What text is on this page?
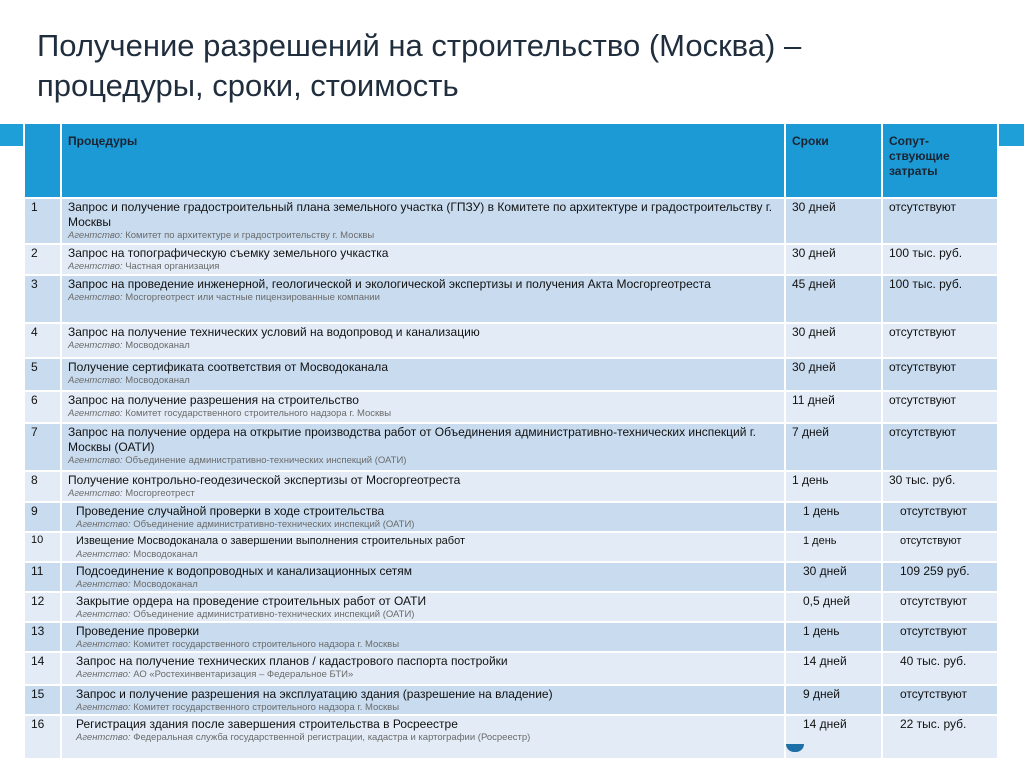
Получение разрешений на строительство (Москва) –
процедуры, сроки, стоимость
	Процедуры	Сроки	Сопут-
ствующие
затраты
1	Запрос и получение градостроительный плана земельного участка (ГПЗУ) в Комитете по архитектуре и градостроительству г. Москвы
Агентство: Комитет по архитектуре и градостроительству г. Москвы	30 дней	отсутствуют
2	Запрос на топографическую съемку земельного учкастка
Агентство: Частная организация	30 дней	100 тыс. руб.
3	Запрос на проведение инженерной, геологической и экологической экспертизы и получения Акта Мосгоргеотреста
Агентство: Мосгоргеотрест или частные пицензированные компании	45 дней	100 тыс. руб.
4	Запрос на получение технических условий на водопровод и канализацию
Агентство: Мосводоканал	30 дней	отсутствуют
5	Получение сертификата соответствия от Мосводоканала
Агентство: Мосводоканал	30 дней	отсутствуют
6	Запрос на получение разрешения на строительство
Агентство: Комитет государственного строительного надзора г. Москвы	11 дней	отсутствуют
7	Запрос на получение ордера на открытие производства работ от Объединения административно-технических инспекций г. Москвы (ОАТИ)
Агентство: Объединение административно-технических инспекций (ОАТИ)	7 дней	отсутствуют
8	Получение контрольно-геодезической экспертизы от Мосгоргеотреста
Агентство: Мосгоргеотрест	1 день	30 тыс. руб.
9	Проведение случайной проверки в ходе строительства
Агентство: Объединение административно-технических инспекций (ОАТИ)	1 день	отсутствуют
10	Извещение Мосводоканала о завершении выполнения строительных работ
Агентство: Мосводоканал	1 день	отсутствуют
11	Подсоединение к водопроводных и канализационных сетям
Агентство: Мосводоканал	30 дней	109 259 руб.
12	Закрытие ордера на проведение строительных работ от ОАТИ
Агентство: Объединение административно-технических инспекций (ОАТИ)	0,5 дней	отсутствуют
13	Проведение проверки
Агентство: Комитет государственного строительного надзора г. Москвы	1 день	отсутствуют
14	Запрос на получение технических планов / кадастрового паспорта постройки
Агентство: АО «Ростехинвентаризация – Федеральное БТИ»	14 дней	40 тыс. руб.
15	Запрос и получение разрешения на эксплуатацию здания (разрешение на владение)
Агентство: Комитет государственного строительного надзора г. Москвы	9 дней	отсутствуют
16	Регистрация здания после завершения строительства в Росреестре
Агентство: Федеральная служба государственной регистрации, кадастра и картографии (Росреестр)	14 дней	22 тыс. руб.
